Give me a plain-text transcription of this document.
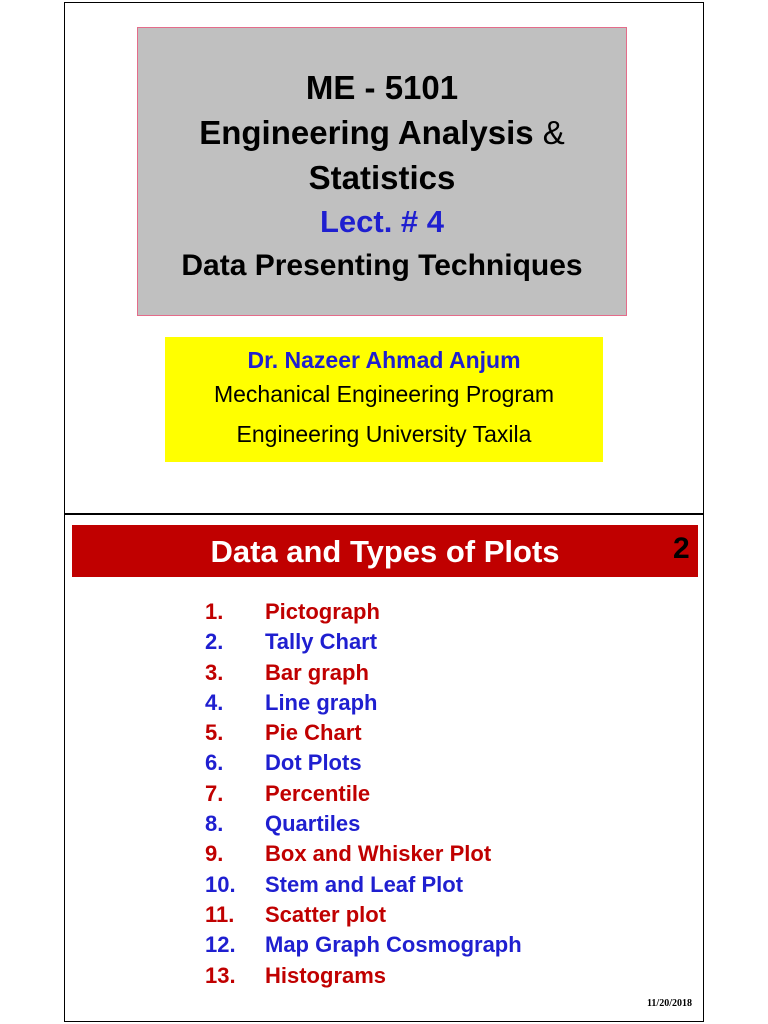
ME - 5101
Engineering Analysis &
Statistics
Lect. # 4
Data Presenting Techniques
Dr. Nazeer Ahmad Anjum
Mechanical Engineering Program
Engineering University Taxila
Data and Types of Plots	2
1. Pictograph
2. Tally Chart
3. Bar graph
4. Line graph
5. Pie Chart
6. Dot Plots
7. Percentile
8. Quartiles
9. Box and Whisker Plot
10. Stem and Leaf Plot
11. Scatter plot
12. Map Graph Cosmograph
13. Histograms
11/20/2018
